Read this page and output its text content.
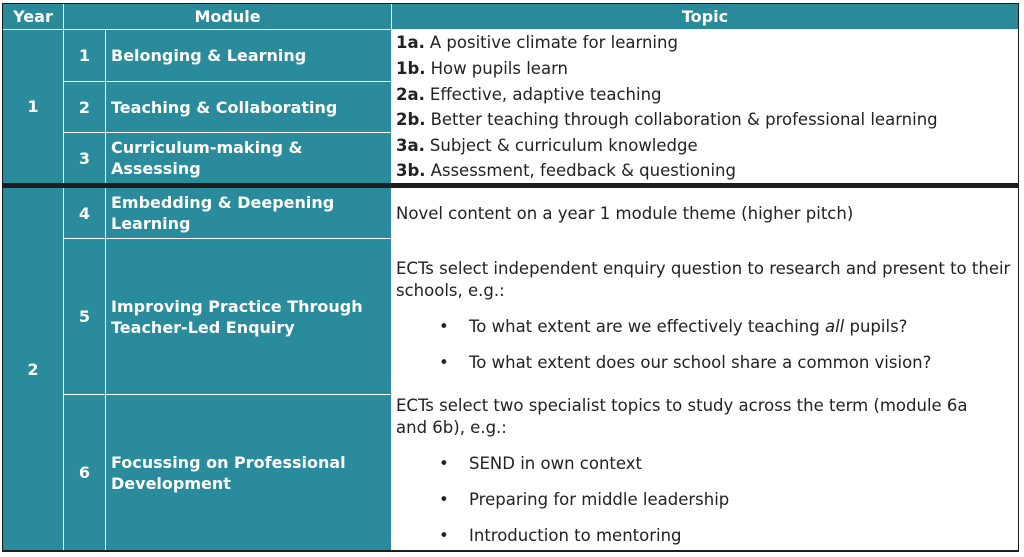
Year	Module	Topic
1
2
1
2
3
4
5
6
Belonging & Learning
Teaching & Collaborating
Curriculum-making & Assessing
Embedding & Deepening Learning
Improving Practice Through Teacher-Led Enquiry
Focussing on Professional Development
1a. A positive climate for learning
1b. How pupils learn
2a. Effective, adaptive teaching
2b. Better teaching through collaboration & professional learning
3a. Subject & curriculum knowledge
3b. Assessment, feedback & questioning
Novel content on a year 1 module theme (higher pitch)
ECTs select independent enquiry question to research and present to their schools, e.g.:
• To what extent are we effectively teaching all pupils?
• To what extent does our school share a common vision?
ECTs select two specialist topics to study across the term (module 6a and 6b), e.g.:
• SEND in own context
• Preparing for middle leadership
• Introduction to mentoring
